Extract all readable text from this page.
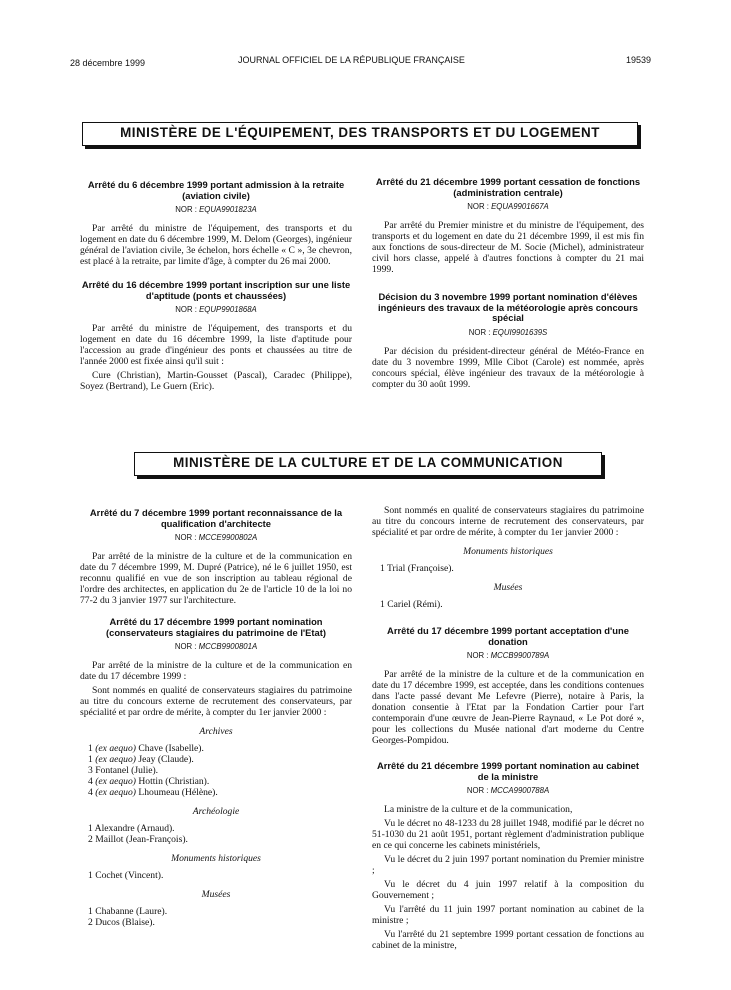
28 décembre 1999	JOURNAL OFFICIEL DE LA RÉPUBLIQUE FRANÇAISE	19539
MINISTÈRE DE L'ÉQUIPEMENT, DES TRANSPORTS ET DU LOGEMENT
Arrêté du 6 décembre 1999 portant admission à la retraite (aviation civile)
NOR : EQUA9901823A

Par arrêté du ministre de l'équipement, des transports et du logement en date du 6 décembre 1999, M. Delom (Georges), ingénieur général de l'aviation civile, 3e échelon, hors échelle « C », 3e chevron, est placé à la retraite, par limite d'âge, à compter du 26 mai 2000.

Arrêté du 16 décembre 1999 portant inscription sur une liste d'aptitude (ponts et chaussées)
NOR : EQUP9901868A

Par arrêté du ministre de l'équipement, des transports et du logement en date du 16 décembre 1999, la liste d'aptitude pour l'accession au grade d'ingénieur des ponts et chaussées au titre de l'année 2000 est fixée ainsi qu'il suit :

Cure (Christian), Martin-Gousset (Pascal), Caradec (Philippe), Soyez (Bertrand), Le Guern (Eric).

Arrêté du 21 décembre 1999 portant cessation de fonctions (administration centrale)
NOR : EQUA9901667A

Par arrêté du Premier ministre et du ministre de l'équipement, des transports et du logement en date du 21 décembre 1999, il est mis fin aux fonctions de sous-directeur de M. Socie (Michel), administrateur civil hors classe, appelé à d'autres fonctions à compter du 21 mai 1999.

Décision du 3 novembre 1999 portant nomination d'élèves ingénieurs des travaux de la météorologie après concours spécial
NOR : EQUI9901639S

Par décision du président-directeur général de Météo-France en date du 3 novembre 1999, Mlle Cibot (Carole) est nommée, après concours spécial, élève ingénieur des travaux de la météorologie à compter du 30 août 1999.

MINISTÈRE DE LA CULTURE ET DE LA COMMUNICATION
Arrêté du 7 décembre 1999 portant reconnaissance de la qualification d'architecte
NOR : MCCE9900802A

Par arrêté de la ministre de la culture et de la communication en date du 7 décembre 1999, M. Dupré (Patrice), né le 6 juillet 1950, est reconnu qualifié en vue de son inscription au tableau régional de l'ordre des architectes, en application du 2e de l'article 10 de la loi no 77-2 du 3 janvier 1977 sur l'architecture.

Arrêté du 17 décembre 1999 portant nomination (conservateurs stagiaires du patrimoine de l'Etat)
NOR : MCCB9900801A

Par arrêté de la ministre de la culture et de la communication en date du 17 décembre 1999 :

Sont nommés en qualité de conservateurs stagiaires du patrimoine au titre du concours externe de recrutement des conservateurs, par spécialité et par ordre de mérite, à compter du 1er janvier 2000 :

Archives
1 (ex aequo) Chave (Isabelle).
1 (ex aequo) Jeay (Claude).
3 Fontanel (Julie).
4 (ex aequo) Hottin (Christian).
4 (ex aequo) Lhoumeau (Hélène).
Archéologie
1 Alexandre (Arnaud).
2 Maillot (Jean-François).
Monuments historiques
1 Cochet (Vincent).
Musées
1 Chabanne (Laure).
2 Ducos (Blaise).

Sont nommés en qualité de conservateurs stagiaires du patrimoine au titre du concours interne de recrutement des conservateurs, par spécialité et par ordre de mérite, à compter du 1er janvier 2000 :

Monuments historiques
1 Trial (Françoise).
Musées
1 Cariel (Rémi).
Arrêté du 17 décembre 1999 portant acceptation d'une donation
NOR : MCCB9900789A

Par arrêté de la ministre de la culture et de la communication en date du 17 décembre 1999, est acceptée, dans les conditions contenues dans l'acte passé devant Me Lefevre (Pierre), notaire à Paris, la donation consentie à l'Etat par la Fondation Cartier pour l'art contemporain d'une œuvre de Jean-Pierre Raynaud, « Le Pot doré », pour les collections du Musée national d'art moderne du Centre Georges-Pompidou.

Arrêté du 21 décembre 1999 portant nomination au cabinet de la ministre
NOR : MCCA9900788A

La ministre de la culture et de la communication,

Vu le décret no 48-1233 du 28 juillet 1948, modifié par le décret no 51-1030 du 21 août 1951, portant règlement d'administration publique en ce qui concerne les cabinets ministériels,

Vu le décret du 2 juin 1997 portant nomination du Premier ministre ;

Vu le décret du 4 juin 1997 relatif à la composition du Gouvernement ;

Vu l'arrêté du 11 juin 1997 portant nomination au cabinet de la ministre ;

Vu l'arrêté du 21 septembre 1999 portant cessation de fonctions au cabinet de la ministre,
